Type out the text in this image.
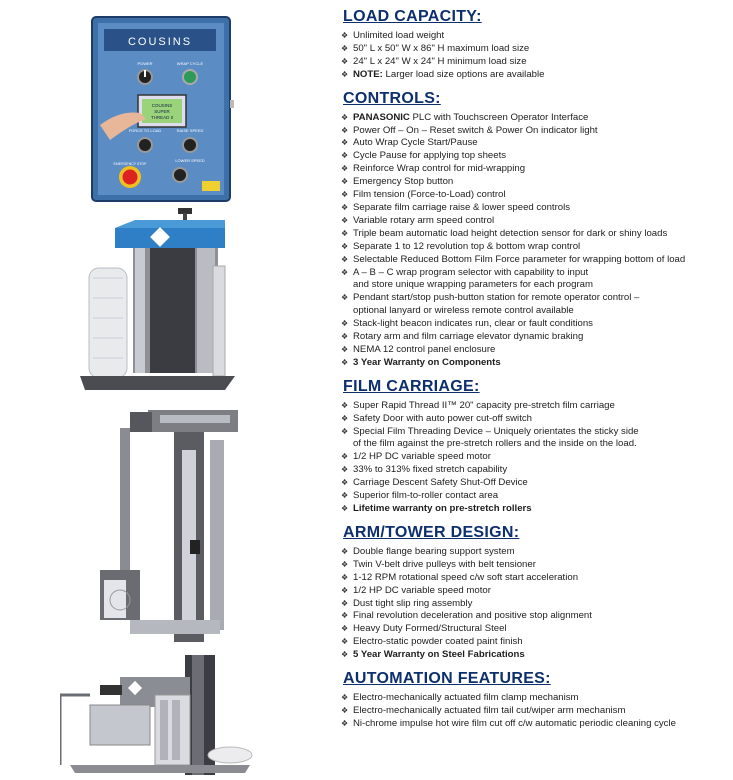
COUSINS
POWER	WRAP CYCLE
COUSINS
SUPER
THREAD II
FORCE TO LOAD	RAISE SPEED
LOWER SPEED
EMERGENCY STOP
LOAD CAPACITY:
❖ Unlimited load weight
❖ 50" L x 50" W x 86" H maximum load size
❖ 24" L x 24" W x 24" H minimum load size
❖ NOTE: Larger load size options are available
CONTROLS:
❖ PANASONIC PLC with Touchscreen Operator Interface
❖ Power Off – On – Reset switch & Power On indicator light
❖ Auto Wrap Cycle Start/Pause
❖ Cycle Pause for applying top sheets
❖ Reinforce Wrap control for mid-wrapping
❖ Emergency Stop button
❖ Film tension (Force-to-Load) control
❖ Separate film carriage raise & lower speed controls
❖ Variable rotary arm speed control
❖ Triple beam automatic load height detection sensor for dark or shiny loads
❖ Separate 1 to 12 revolution top & bottom wrap control
❖ Selectable Reduced Bottom Film Force parameter for wrapping bottom of load
❖ A – B – C wrap program selector with capability to input
and store unique wrapping parameters for each program
❖ Pendant start/stop push-button station for remote operator control –
optional lanyard or wireless remote control available
❖ Stack-light beacon indicates run, clear or fault conditions
❖ Rotary arm and film carriage elevator dynamic braking
❖ NEMA 12 control panel enclosure
❖ 3 Year Warranty on Components
FILM CARRIAGE:
❖ Super Rapid Thread II™ 20" capacity pre-stretch film carriage
❖ Safety Door with auto power cut-off switch
❖ Special Film Threading Device – Uniquely orientates the sticky side
of the film against the pre-stretch rollers and the inside on the load.
❖ 1/2 HP DC variable speed motor
❖ 33% to 313% fixed stretch capability
❖ Carriage Descent Safety Shut-Off Device
❖ Superior film-to-roller contact area
❖ Lifetime warranty on pre-stretch rollers
ARM/TOWER DESIGN:
❖ Double flange bearing support system
❖ Twin V-belt drive pulleys with belt tensioner
❖ 1-12 RPM rotational speed c/w soft start acceleration
❖ 1/2 HP DC variable speed motor
❖ Dust tight slip ring assembly
❖ Final revolution deceleration and positive stop alignment
❖ Heavy Duty Formed/Structural Steel
❖ Electro-static powder coated paint finish
❖ 5 Year Warranty on Steel Fabrications
AUTOMATION FEATURES:
❖ Electro-mechanically actuated film clamp mechanism
❖ Electro-mechanically actuated film tail cut/wiper arm mechanism
❖ Ni-chrome impulse hot wire film cut off c/w automatic periodic cleaning cycle
